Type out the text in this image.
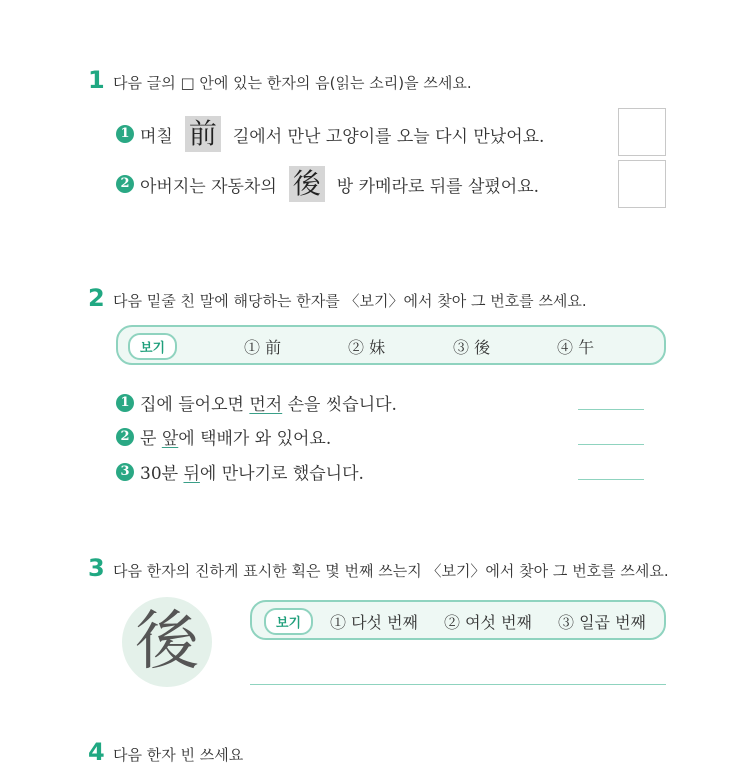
1 다음 글의 □ 안에 있는 한자의 음(읽는 소리)을 쓰세요.
1 며칠 前 길에서 만난 고양이를 오늘 다시 만났어요.
2 아버지는 자동차의 後 방 카메라로 뒤를 살폈어요.
2 다음 밑줄 친 말에 해당하는 한자를 〈보기〉에서 찾아 그 번호를 쓰세요.
보기	① 前	② 妹	③ 後	④ 午
1 집에 들어오면 먼저 손을 씻습니다.
2 문 앞에 택배가 와 있어요.
3 30분 뒤에 만나기로 했습니다.
3 다음 한자의 진하게 표시한 획은 몇 번째 쓰는지 〈보기〉에서 찾아 그 번호를 쓰세요.
後	보기	① 다섯 번째 ② 여섯 번째 ③ 일곱 번째
4 다음 한자 빈 쓰세요
